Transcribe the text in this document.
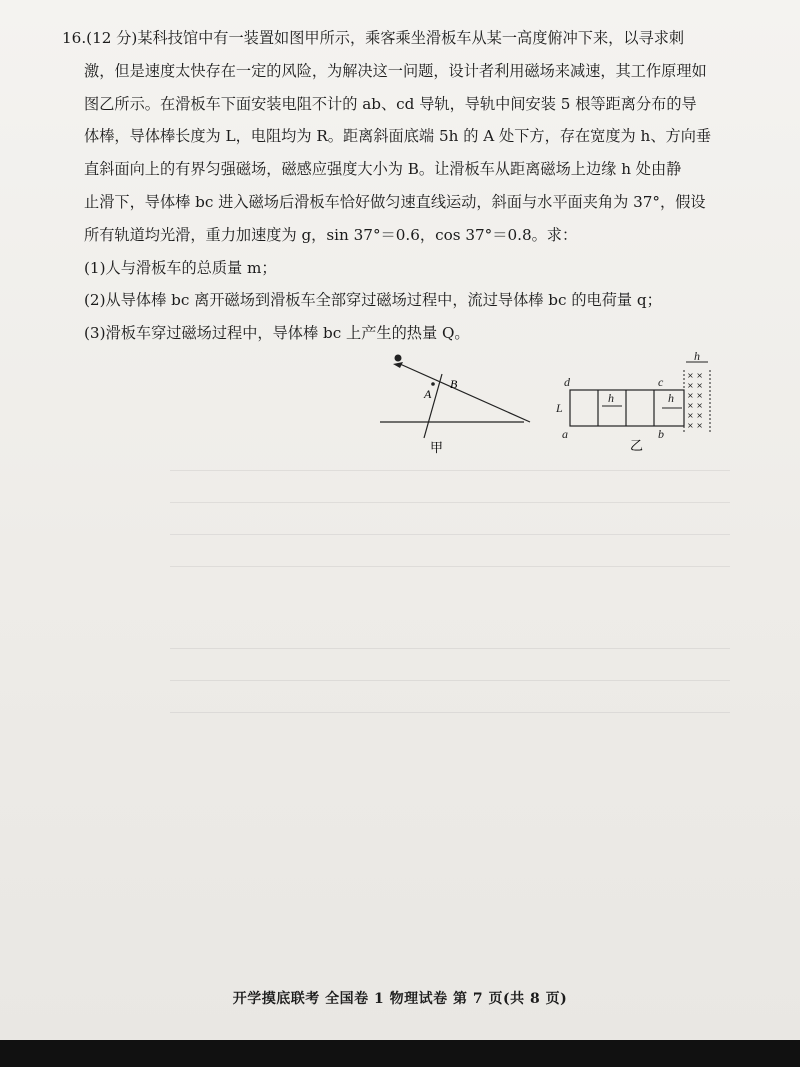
16.(12 分)某科技馆中有一装置如图甲所示，乘客乘坐滑板车从某一高度俯冲下来，以寻求刺
激，但是速度太快存在一定的风险，为解决这一问题，设计者利用磁场来减速，其工作原理如
图乙所示。在滑板车下面安装电阻不计的 ab、cd 导轨，导轨中间安装 5 根等距离分布的导
体棒，导体棒长度为 L，电阻均为 R。距离斜面底端 5h 的 A 处下方，存在宽度为 h、方向垂
直斜面向上的有界匀强磁场，磁感应强度大小为 B。让滑板车从距离磁场上边缘 h 处由静
止滑下，导体棒 bc 进入磁场后滑板车恰好做匀速直线运动，斜面与水平面夹角为 37°，假设
所有轨道均光滑，重力加速度为 g，sin 37°＝0.6，cos 37°＝0.8。求：
(1)人与滑板车的总质量 m；
(2)从导体棒 bc 离开磁场到滑板车全部穿过磁场过程中，流过导体棒 bc 的电荷量 q；
(3)滑板车穿过磁场过程中，导体棒 bc 上产生的热量 Q。
A
B
甲
d	c
a	b
L
h	h
h
× ×
× ×
× ×
× ×
× ×
× ×
乙
开学摸底联考 全国卷 1 物理试卷 第 7 页(共 8 页)
